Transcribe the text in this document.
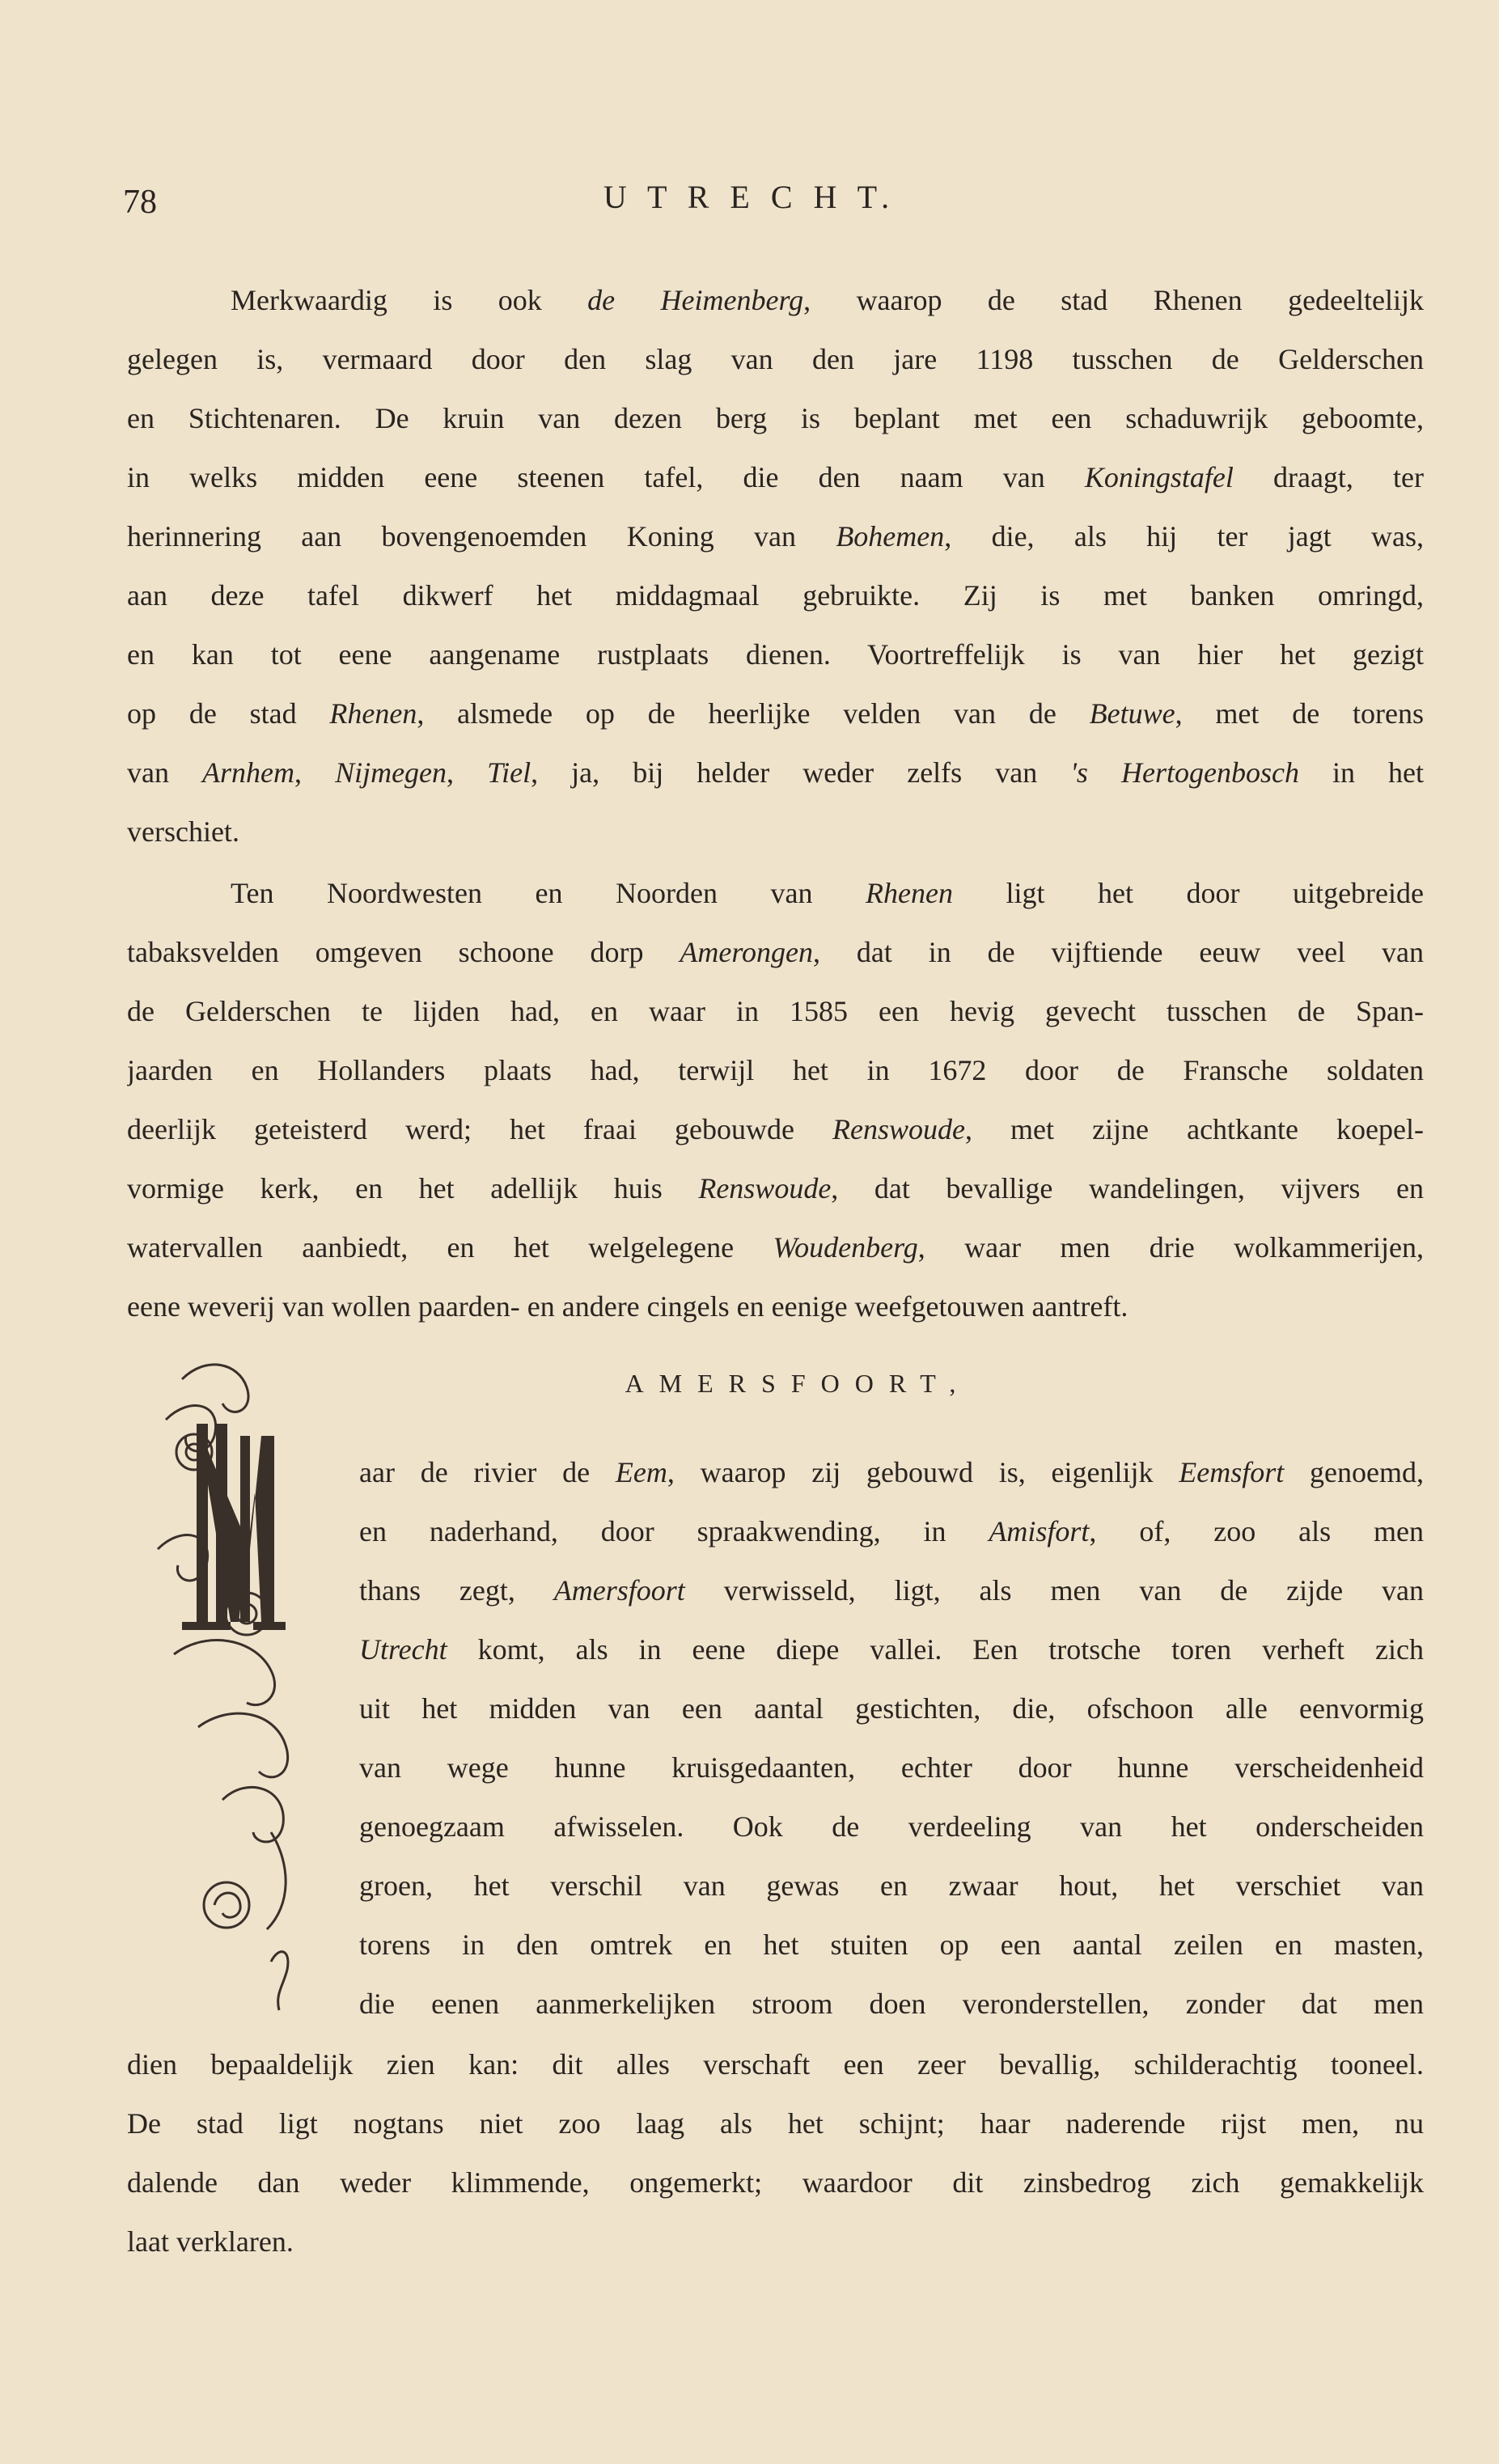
78	U T R E C H T.
Merkwaardig is ook de Heimenberg, waarop de stad Rhenen gedeeltelijk
gelegen is, vermaard door den slag van den jare 1198 tusschen de Gelderschen
en Stichtenaren. De kruin van dezen berg is beplant met een schaduwrijk geboomte,
in welks midden eene steenen tafel, die den naam van Koningstafel draagt, ter
herinnering aan bovengenoemden Koning van Bohemen, die, als hij ter jagt was,
aan deze tafel dikwerf het middagmaal gebruikte. Zij is met banken omringd,
en kan tot eene aangename rustplaats dienen. Voortreffelijk is van hier het gezigt
op de stad Rhenen, alsmede op de heerlijke velden van de Betuwe, met de torens
van Arnhem, Nijmegen, Tiel, ja, bij helder weder zelfs van 's Hertogenbosch in het
verschiet.
Ten Noordwesten en Noorden van Rhenen ligt het door uitgebreide
tabaksvelden omgeven schoone dorp Amerongen, dat in de vijftiende eeuw veel van
de Gelderschen te lijden had, en waar in 1585 een hevig gevecht tusschen de Span-
jaarden en Hollanders plaats had, terwijl het in 1672 door de Fransche soldaten
deerlijk geteisterd werd; het fraai gebouwde Renswoude, met zijne achtkante koepel-
vormige kerk, en het adellijk huis Renswoude, dat bevallige wandelingen, vijvers en
watervallen aanbiedt, en het welgelegene Woudenberg, waar men drie wolkammerijen,
eene weverij van wollen paarden- en andere cingels en eenige weefgetouwen aantreft.
AMERSFOORT,
aar de rivier de Eem, waarop zij gebouwd is, eigenlijk Eemsfort genoemd,
en naderhand, door spraakwending, in Amisfort, of, zoo als men
thans zegt, Amersfoort verwisseld, ligt, als men van de zijde van
Utrecht komt, als in eene diepe vallei. Een trotsche toren verheft zich
uit het midden van een aantal gestichten, die, ofschoon alle eenvormig
van wege hunne kruisgedaanten, echter door hunne verscheidenheid
genoegzaam afwisselen. Ook de verdeeling van het onderscheiden
groen, het verschil van gewas en zwaar hout, het verschiet van
torens in den omtrek en het stuiten op een aantal zeilen en masten,
die eenen aanmerkelijken stroom doen veronderstellen, zonder dat men
dien bepaaldelijk zien kan: dit alles verschaft een zeer bevallig, schilderachtig tooneel.
De stad ligt nogtans niet zoo laag als het schijnt; haar naderende rijst men, nu
dalende dan weder klimmende, ongemerkt; waardoor dit zinsbedrog zich gemakkelijk
laat verklaren.
